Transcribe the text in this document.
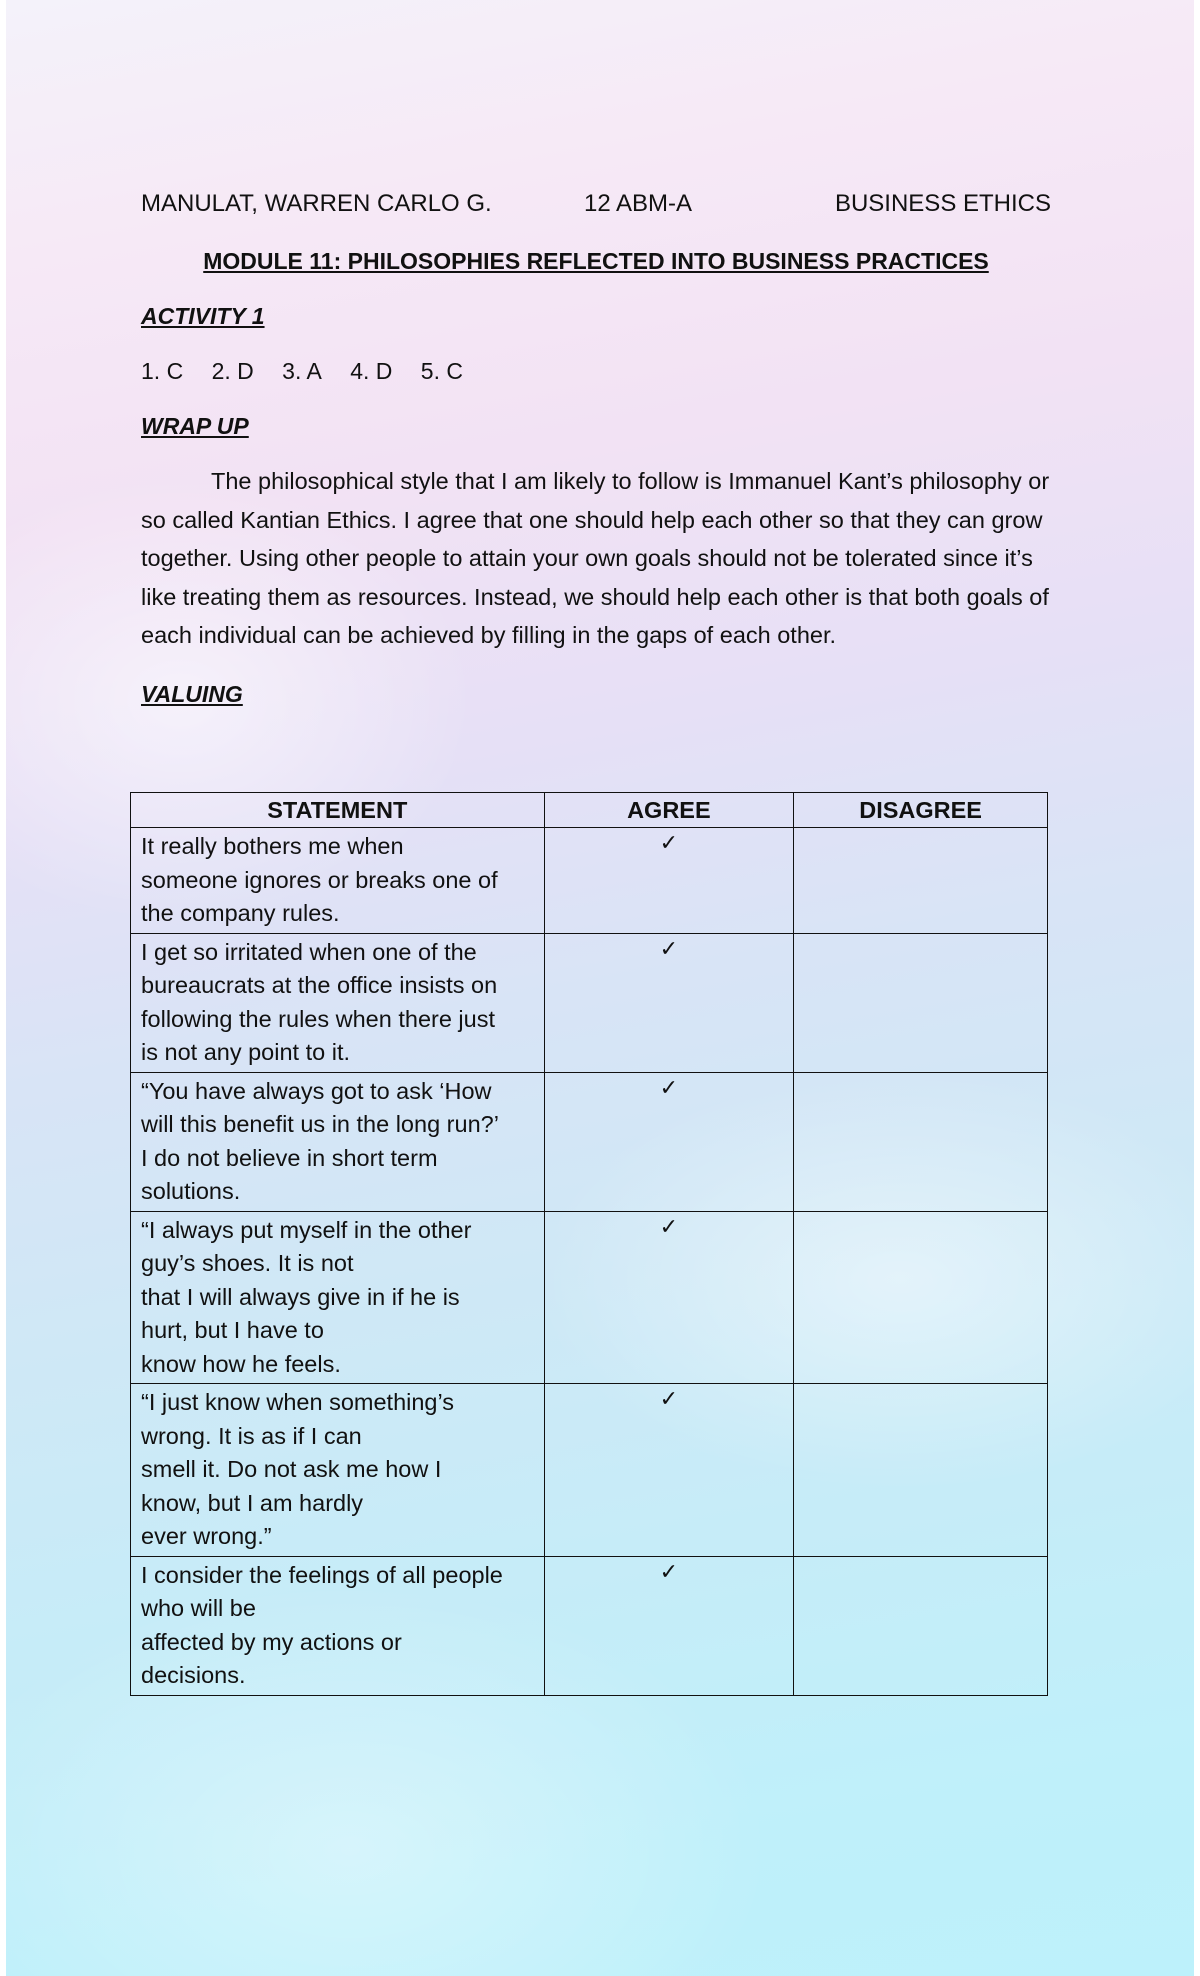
MANULAT, WARREN CARLO G.	12 ABM-A	BUSINESS ETHICS
MODULE 11: PHILOSOPHIES REFLECTED INTO BUSINESS PRACTICES
ACTIVITY 1
1. C 2. D 3. A 4. D 5. C
WRAP UP
The philosophical style that I am likely to follow is Immanuel Kant’s philosophy or so called Kantian Ethics. I agree that one should help each other so that they can grow together. Using other people to attain your own goals should not be tolerated since it’s like treating them as resources. Instead, we should help each other is that both goals of each individual can be achieved by filling in the gaps of each other.
VALUING
STATEMENT	AGREE	DISAGREE

It really bothers me when
someone ignores or breaks one of
the company rules.	✓	

I get so irritated when one of the
bureaucrats at the office insists on
following the rules when there just
is not any point to it.	✓	

“You have always got to ask ‘How
will this benefit us in the long run?’
I do not believe in short term
solutions.	✓	

“I always put myself in the other
guy’s shoes. It is not
that I will always give in if he is
hurt, but I have to
know how he feels.	✓	

“I just know when something’s
wrong. It is as if I can
smell it. Do not ask me how I
know, but I am hardly
ever wrong.”	✓	

I consider the feelings of all people
who will be
affected by my actions or
decisions.	✓	
